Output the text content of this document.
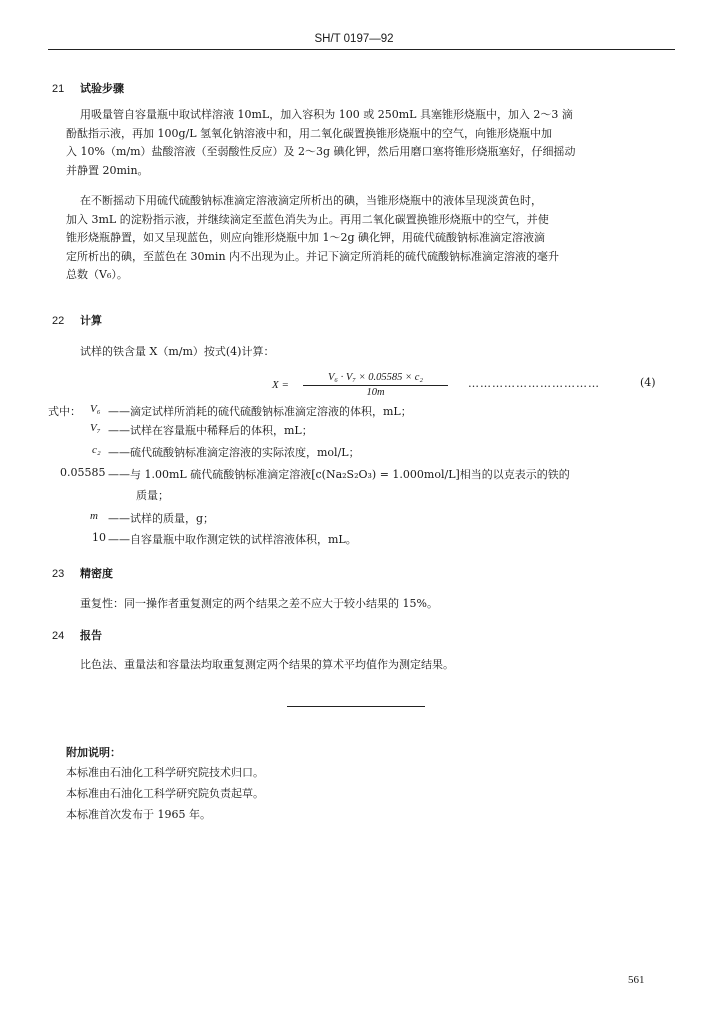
SH/T 0197—92
21 试验步骤
用吸量管自容量瓶中取试样溶液 10mL，加入容积为 100 或 250mL 具塞锥形烧瓶中，加入 2～3 滴
酚酞指示液，再加 100g/L 氢氧化钠溶液中和，用二氧化碳置换锥形烧瓶中的空气，向锥形烧瓶中加
入 10%（m/m）盐酸溶液（至弱酸性反应）及 2～3g 碘化钾，然后用磨口塞将锥形烧瓶塞好，仔细摇动
并静置 20min。
在不断摇动下用硫代硫酸钠标准滴定溶液滴定所析出的碘，当锥形烧瓶中的液体呈现淡黄色时，
加入 3mL 的淀粉指示液，并继续滴定至蓝色消失为止。再用二氧化碳置换锥形烧瓶中的空气，并使
锥形烧瓶静置，如又呈现蓝色，则应向锥形烧瓶中加 1～2g 碘化钾，用硫代硫酸钠标准滴定溶液滴
定所析出的碘，至蓝色在 30min 内不出现为止。并记下滴定所消耗的硫代硫酸钠标准滴定溶液的毫升
总数（V₆）。
22 计算
试样的铁含量 X（m/m）按式(4)计算：
$X = \frac{\text{V₆ · V₇ × 0.05585 × c₂}}{10m}$ ……………………………	(4)
式中： V₆ ——滴定试样所消耗的硫代硫酸钠标准滴定溶液的体积，mL；
V₇ ——试样在容量瓶中稀释后的体积，mL；
c₂ ——硫代硫酸钠标准滴定溶液的实际浓度，mol/L；
0.05585 ——与 1.00mL 硫代硫酸钠标准滴定溶液[c(Na₂S₂O₃) = 1.000mol/L]相当的以克表示的铁的
质量；
m ——试样的质量，g；
10 ——自容量瓶中取作测定铁的试样溶液体积，mL。
23 精密度
重复性：同一操作者重复测定的两个结果之差不应大于较小结果的 15%。
24 报告
比色法、重量法和容量法均取重复测定两个结果的算术平均值作为测定结果。
附加说明：
本标准由石油化工科学研究院技术归口。
本标准由石油化工科学研究院负责起草。
本标准首次发布于 1965 年。
561
